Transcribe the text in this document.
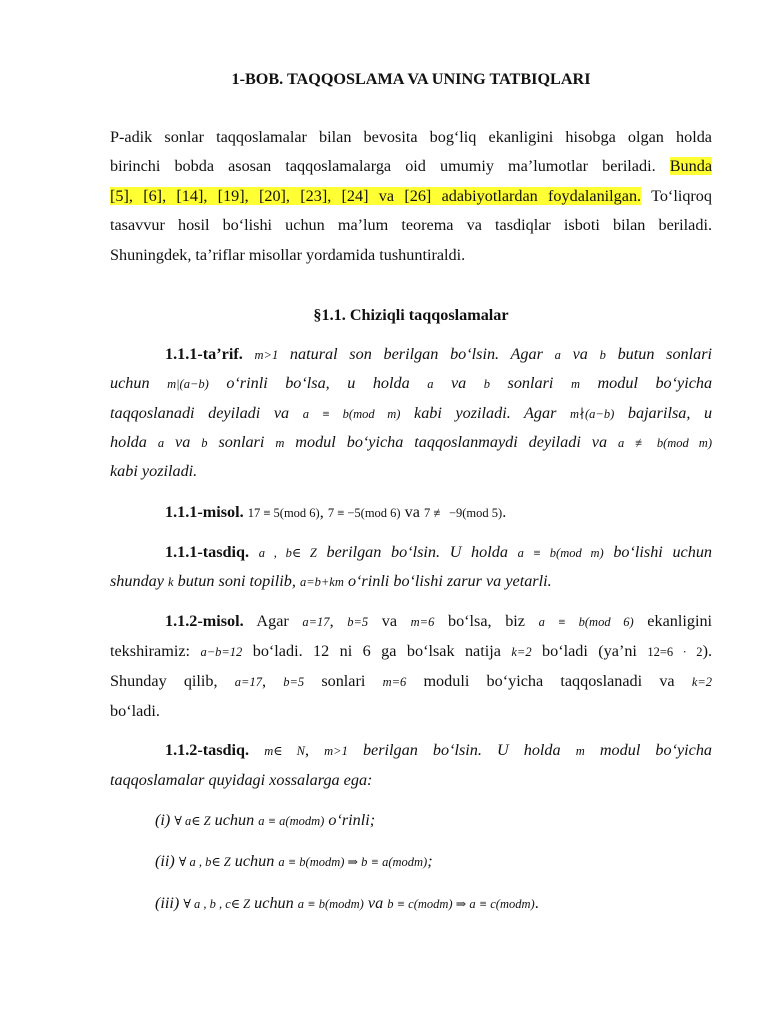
1-BOB. TAQQOSLAMA VA UNING TATBIQLARI
P-adik sonlar taqqoslamalar bilan bevosita bog‘liq ekanligini hisobga olgan holda
birinchi bobda asosan taqqoslamalarga oid umumiy ma’lumotlar beriladi. Bunda
[5], [6], [14], [19], [20], [23], [24] va [26] adabiyotlardan foydalanilgan. To‘liqroq
tasavvur hosil bo‘lishi uchun ma’lum teorema va tasdiqlar isboti bilan beriladi.
Shuningdek, ta’riflar misollar yordamida tushuntiraldi.
§1.1. Chiziqli taqqoslamalar
1.1.1-ta’rif. m>1 natural son berilgan bo‘lsin. Agar a va b butun sonlari
uchun m|(a−b) o‘rinli bo‘lsa, u holda a va b sonlari m modul bo‘yicha
taqqoslanadi deyiladi va a ≡ b(mod m) kabi yoziladi. Agar m∤(a−b) bajarilsa, u
holda a va b sonlari m modul bo‘yicha taqqoslanmaydi deyiladi va a ≢ b(mod m)
kabi yoziladi.
1.1.1-misol. 17 ≡ 5(mod 6), 7 ≡ −5(mod 6) va 7 ≢ −9(mod 5).
1.1.1-tasdiq. a , b∈ Z berilgan bo‘lsin. U holda a ≡ b(mod m) bo‘lishi uchun
shunday k butun soni topilib, a=b+km o‘rinli bo‘lishi zarur va yetarli.
1.1.2-misol. Agar a=17, b=5 va m=6 bo‘lsa, biz a ≡ b(mod 6) ekanligini
tekshiramiz: a−b=12 bo‘ladi. 12 ni 6 ga bo‘lsak natija k=2 bo‘ladi (ya’ni 12=6 · 2).
Shunday qilib, a=17, b=5 sonlari m=6 moduli bo‘yicha taqqoslanadi va k=2
bo‘ladi.
1.1.2-tasdiq. m∈ N, m>1 berilgan bo‘lsin. U holda m modul bo‘yicha
taqqoslamalar quyidagi xossalarga ega:
(i) ∀ a∈ Z uchun a ≡ a(modm) o‘rinli;
(ii) ∀ a , b∈ Z uchun a ≡ b(modm) ⇒ b ≡ a(modm);
(iii) ∀ a , b , c∈ Z uchun a ≡ b(modm) va b ≡ c(modm) ⇒ a ≡ c(modm).
